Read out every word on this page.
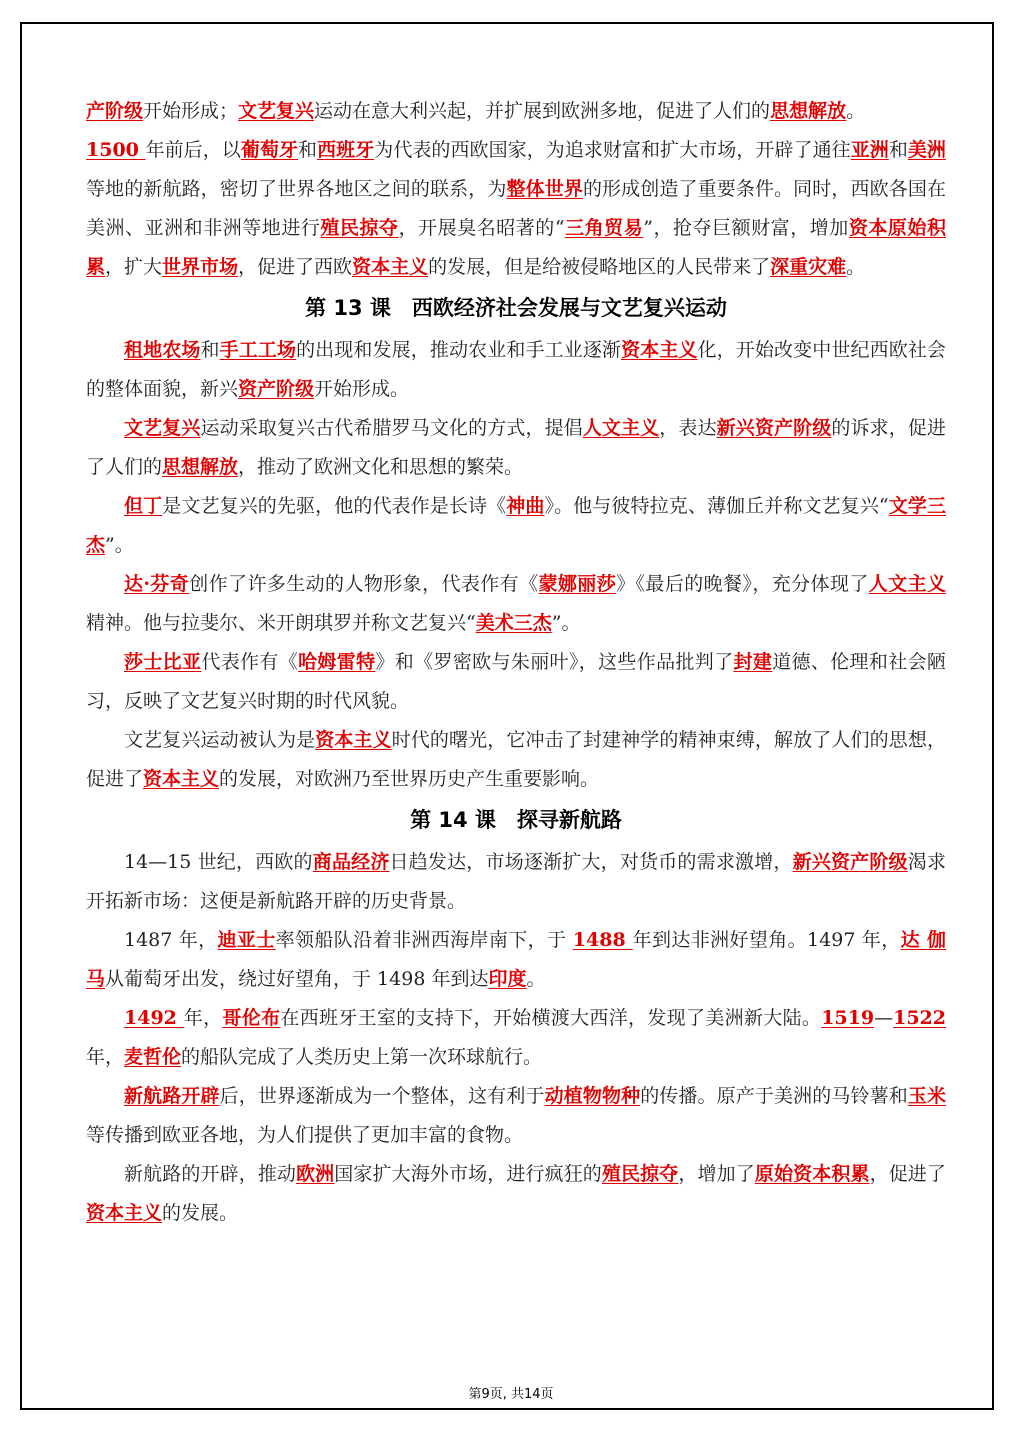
产阶级开始形成；文艺复兴运动在意大利兴起，并扩展到欧洲多地，促进了人们的思想解放。

1500 年前后，以葡萄牙和西班牙为代表的西欧国家，为追求财富和扩大市场，开辟了通往亚洲和美洲等地的新航路，密切了世界各地区之间的联系，为整体世界的形成创造了重要条件。同时，西欧各国在美洲、亚洲和非洲等地进行殖民掠夺，开展臭名昭著的“三角贸易”，抢夺巨额财富，增加资本原始积累，扩大世界市场，促进了西欧资本主义的发展，但是给被侵略地区的人民带来了深重灾难。

第 13 课　西欧经济社会发展与文艺复兴运动

租地农场和手工工场的出现和发展，推动农业和手工业逐渐资本主义化，开始改变中世纪西欧社会的整体面貌，新兴资产阶级开始形成。

文艺复兴运动采取复兴古代希腊罗马文化的方式，提倡人文主义，表达新兴资产阶级的诉求，促进了人们的思想解放，推动了欧洲文化和思想的繁荣。

但丁是文艺复兴的先驱，他的代表作是长诗《神曲》。他与彼特拉克、薄伽丘并称文艺复兴“文学三杰”。

达·芬奇创作了许多生动的人物形象，代表作有《蒙娜丽莎》《最后的晚餐》，充分体现了人文主义精神。他与拉斐尔、米开朗琪罗并称文艺复兴“美术三杰”。

莎士比亚代表作有《哈姆雷特》和《罗密欧与朱丽叶》，这些作品批判了封建道德、伦理和社会陋习，反映了文艺复兴时期的时代风貌。

文艺复兴运动被认为是资本主义时代的曙光，它冲击了封建神学的精神束缚，解放了人们的思想，促进了资本主义的发展，对欧洲乃至世界历史产生重要影响。

第 14 课　探寻新航路

14—15 世纪，西欧的商品经济日趋发达，市场逐渐扩大，对货币的需求激增，新兴资产阶级渴求开拓新市场：这便是新航路开辟的历史背景。

1487 年，迪亚士率领船队沿着非洲西海岸南下，于 1488 年到达非洲好望角。1497 年，达 伽马从葡萄牙出发，绕过好望角，于 1498 年到达印度。

1492 年，哥伦布在西班牙王室的支持下，开始横渡大西洋，发现了美洲新大陆。1519—1522 年，麦哲伦的船队完成了人类历史上第一次环球航行。

新航路开辟后，世界逐渐成为一个整体，这有利于动植物物种的传播。原产于美洲的马铃薯和玉米等传播到欧亚各地，为人们提供了更加丰富的食物。

新航路的开辟，推动欧洲国家扩大海外市场，进行疯狂的殖民掠夺，增加了原始资本积累，促进了资本主义的发展。

第9页, 共14页
